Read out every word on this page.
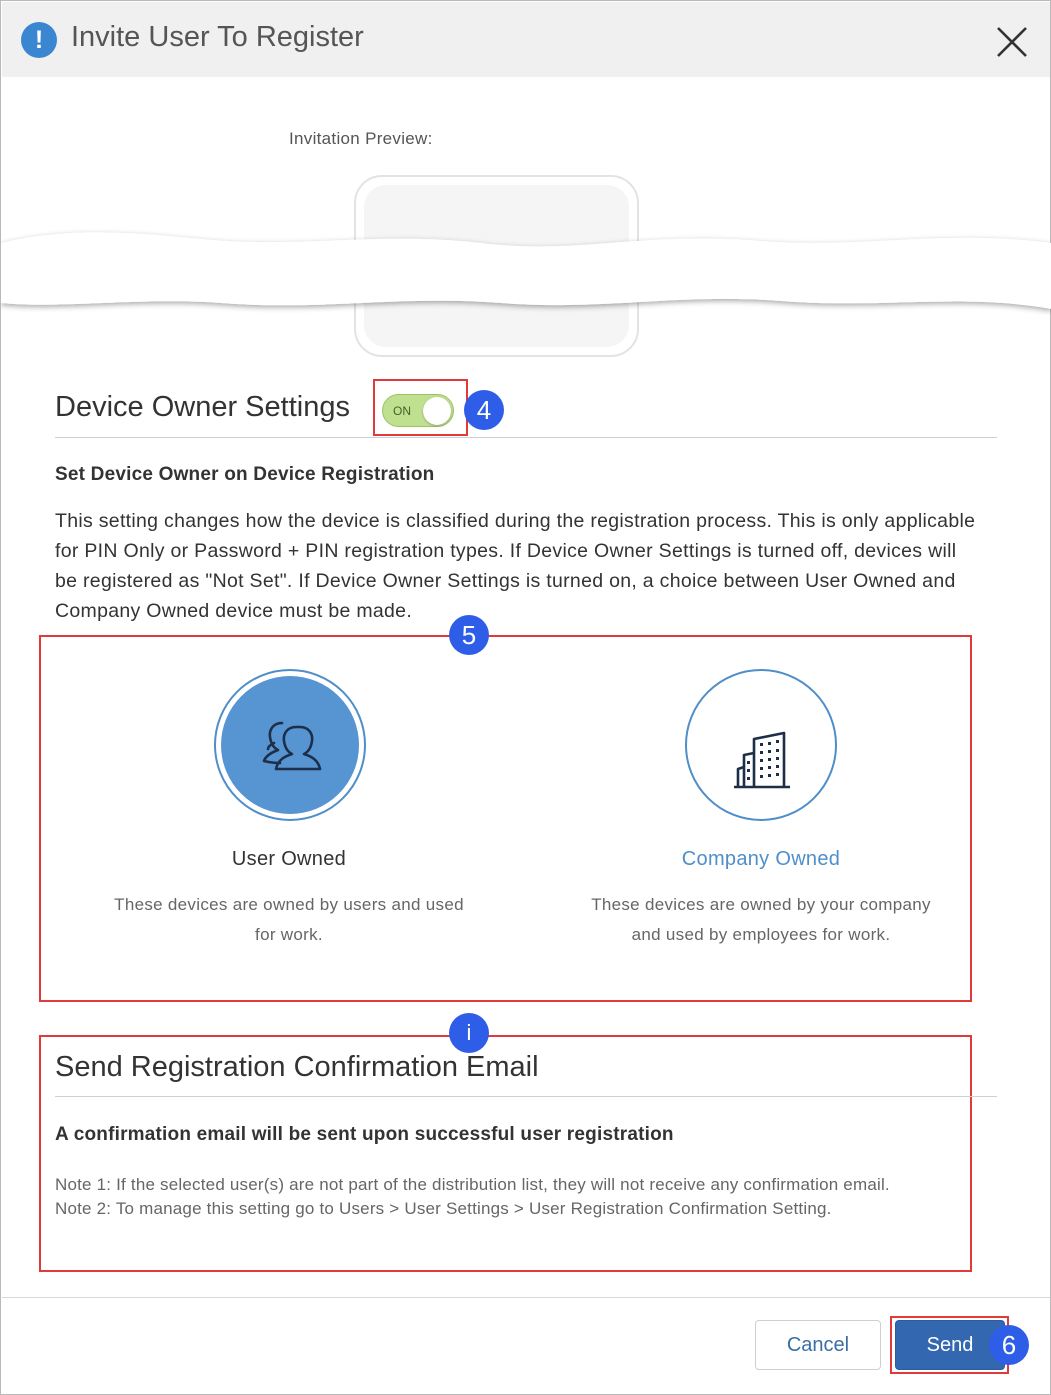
! Invite User To Register
Invitation Preview:
Device Owner Settings	ON	4
Set Device Owner on Device Registration
This setting changes how the device is classified during the registration process. This is only applicable for PIN Only or Password + PIN registration types. If Device Owner Settings is turned off, devices will be registered as "Not Set". If Device Owner Settings is turned on, a choice between User Owned and Company Owned device must be made.
5
User Owned
These devices are owned by users and used for work.
Company Owned
These devices are owned by your company and used by employees for work.
i
Send Registration Confirmation Email
A confirmation email will be sent upon successful user registration
Note 1: If the selected user(s) are not part of the distribution list, they will not receive any confirmation email.
Note 2: To manage this setting go to Users > User Settings > User Registration Confirmation Setting.
Cancel	Send	6
